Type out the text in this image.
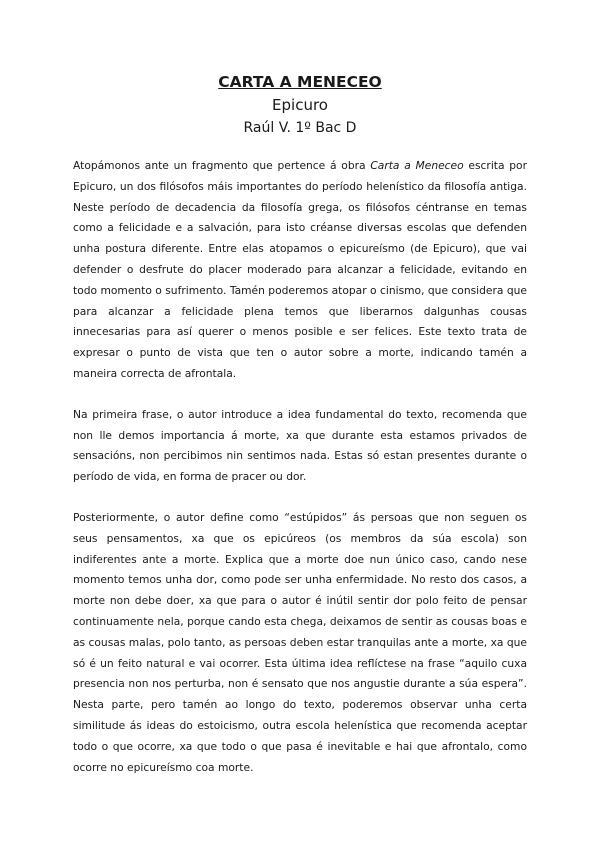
CARTA A MENECEO
Epicuro
Raúl V. 1º Bac D

Atopámonos ante un fragmento que pertence á obra Carta a Meneceo escrita por Epicuro, un dos filósofos máis importantes do período helenístico da filosofía antiga. Neste período de decadencia da filosofía grega, os filósofos céntranse en temas como a felicidade e a salvación, para isto créanse diversas escolas que defenden unha postura diferente. Entre elas atopamos o epicureísmo (de Epicuro), que vai defender o desfrute do placer moderado para alcanzar a felicidade, evitando en todo momento o sufrimento. Tamén poderemos atopar o cinismo, que considera que para alcanzar a felicidade plena temos que liberarnos dalgunhas cousas innecesarias para así querer o menos posible e ser felices. Este texto trata de expresar o punto de vista que ten o autor sobre a morte, indicando tamén a maneira correcta de afrontala.

Na primeira frase, o autor introduce a idea fundamental do texto, recomenda que non lle demos importancia á morte, xa que durante esta estamos privados de sensacións, non percibimos nin sentimos nada. Estas só estan presentes durante o período de vida, en forma de pracer ou dor.

Posteriormente, o autor define como “estúpidos” ás persoas que non seguen os seus pensamentos, xa que os epicúreos (os membros da súa escola) son indiferentes ante a morte. Explica que a morte doe nun único caso, cando nese momento temos unha dor, como pode ser unha enfermidade. No resto dos casos, a morte non debe doer, xa que para o autor é inútil sentir dor polo feito de pensar continuamente nela, porque cando esta chega, deixamos de sentir as cousas boas e as cousas malas, polo tanto, as persoas deben estar tranquilas ante a morte, xa que só é un feito natural e vai ocorrer. Esta última idea reflíctese na frase “aquilo cuxa presencia non nos perturba, non é sensato que nos angustie durante a súa espera”. Nesta parte, pero tamén ao longo do texto, poderemos observar unha certa similitude ás ideas do estoicismo, outra escola helenística que recomenda aceptar todo o que ocorre, xa que todo o que pasa é inevitable e hai que afrontalo, como ocorre no epicureísmo coa morte.
